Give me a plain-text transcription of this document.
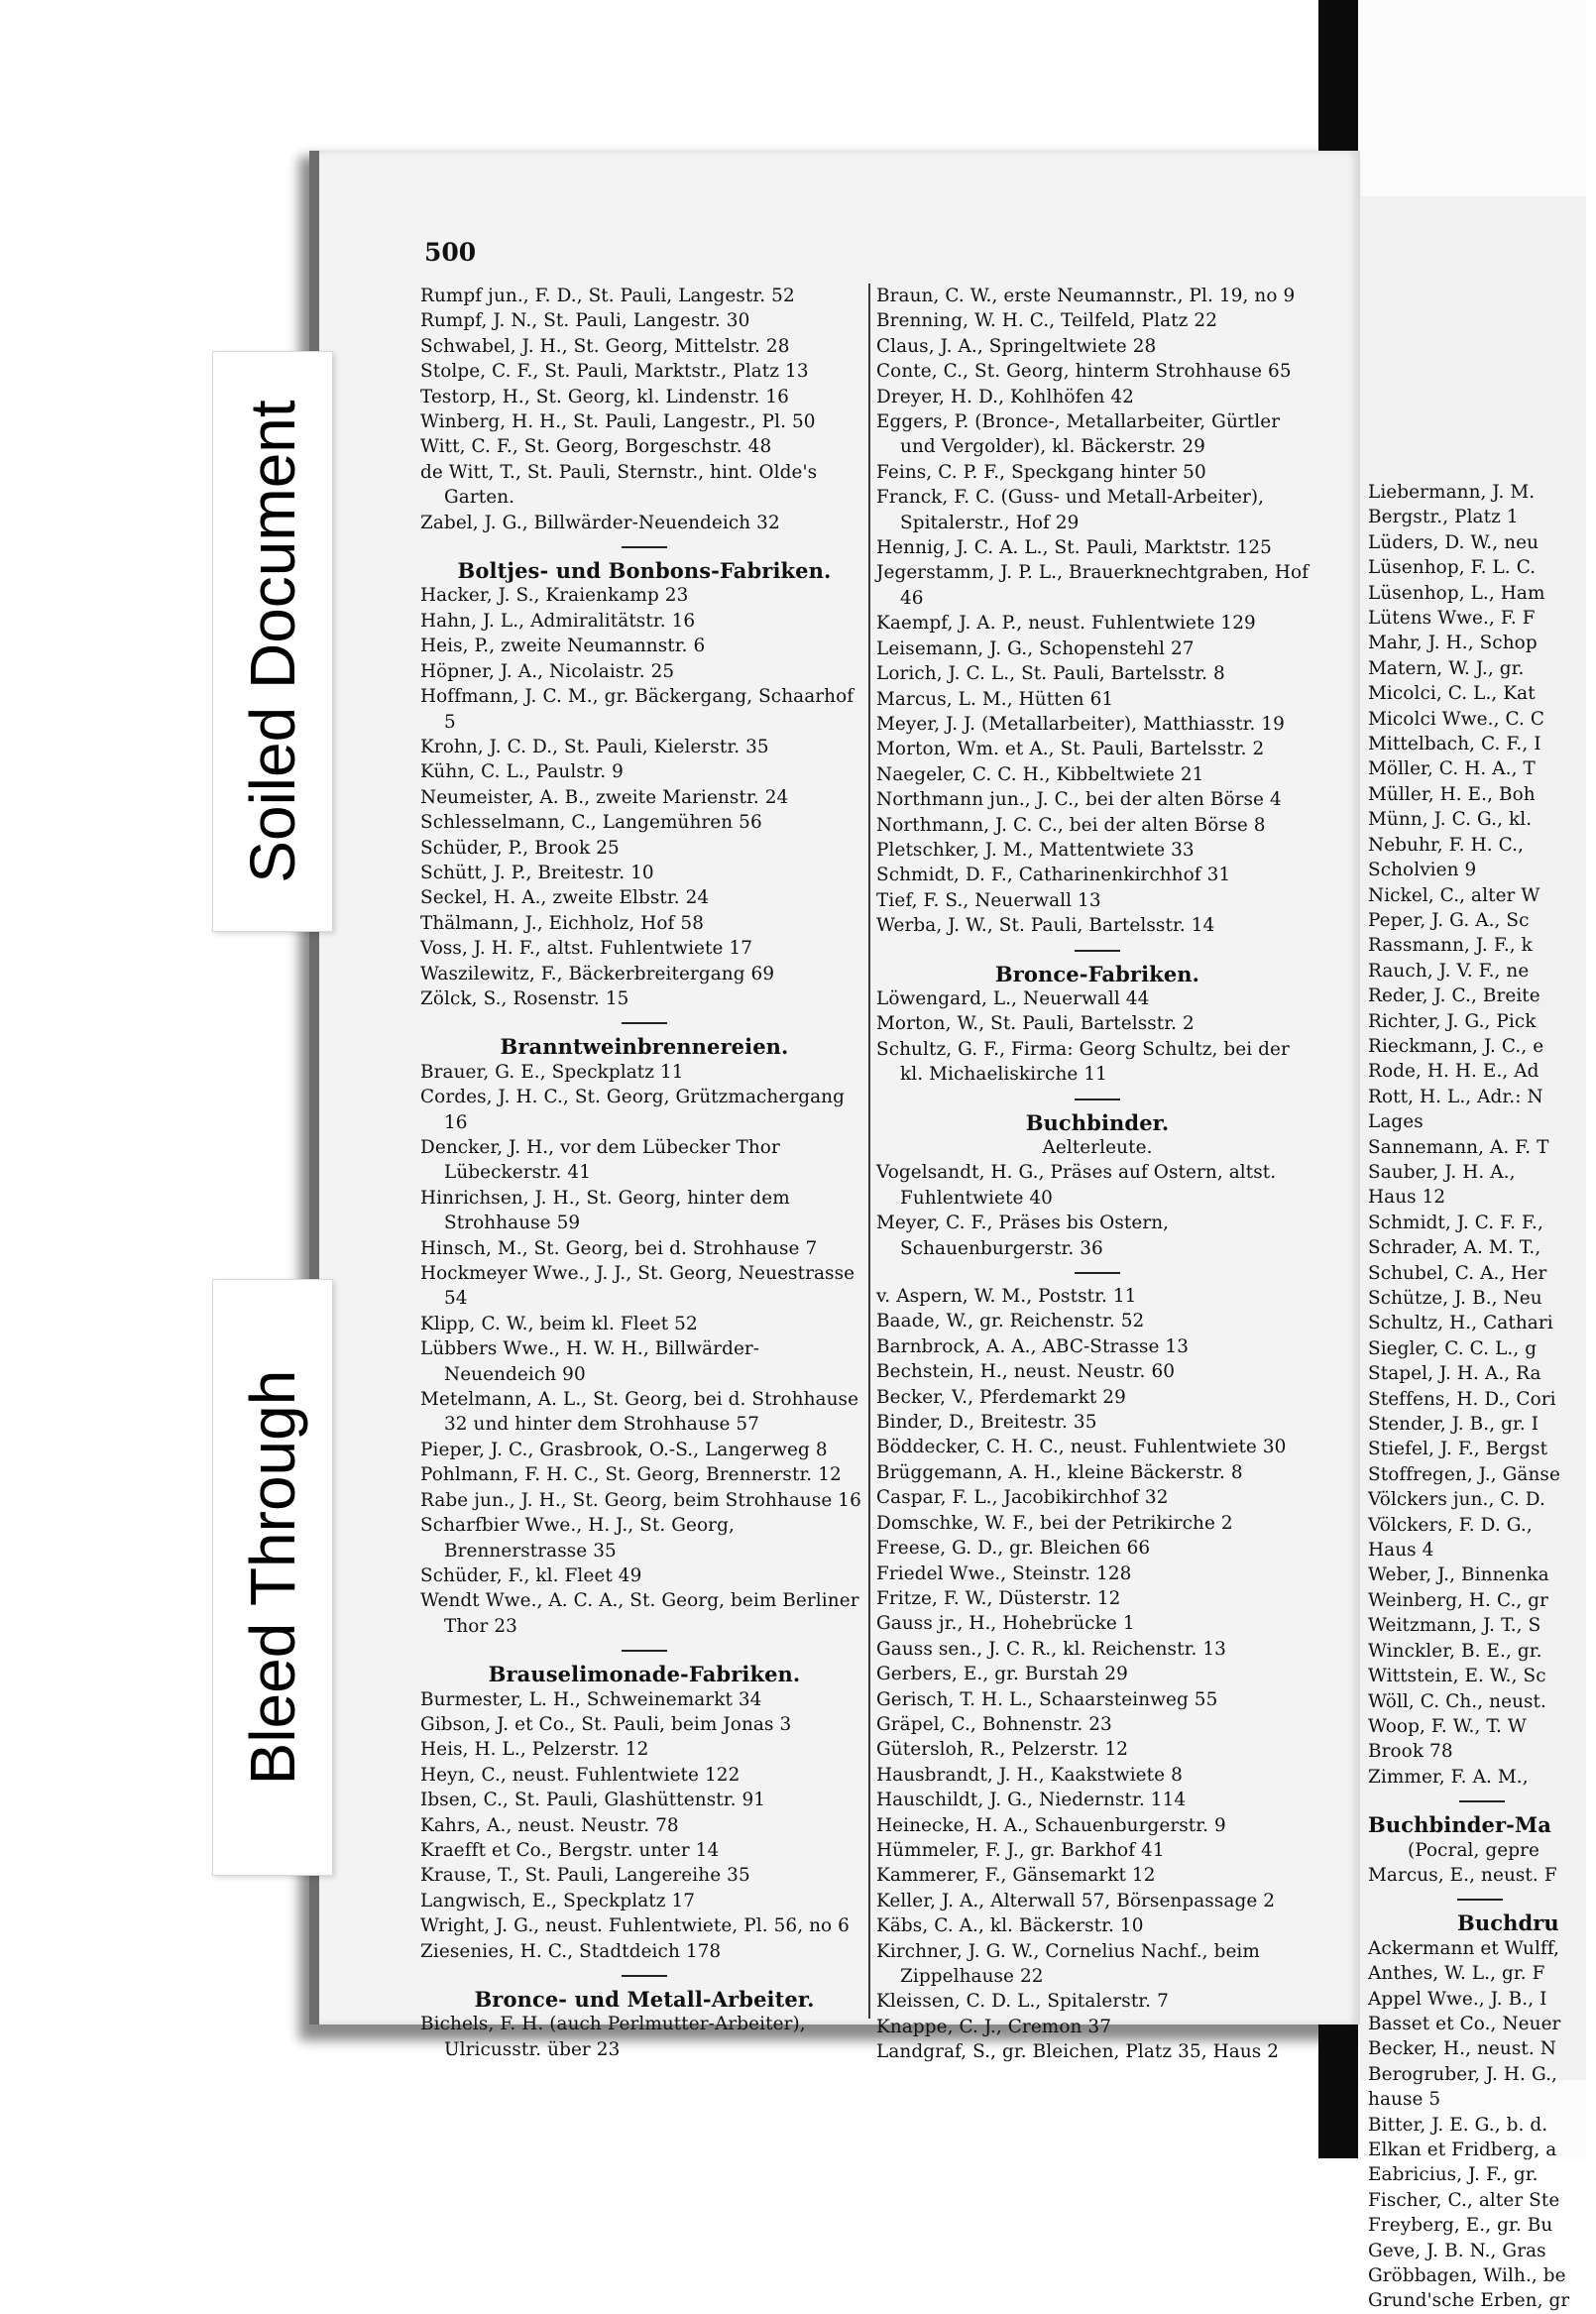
Liebermann, J. M.
Bergstr., Platz 1
Lüders, D. W., neu
Lüsenhop, F. L. C.
Lüsenhop, L., Ham
Lütens Wwe., F. F
Mahr, J. H., Schop
Matern, W. J., gr.
Micolci, C. L., Kat
Micolci Wwe., C. C
Mittelbach, C. F., I
Möller, C. H. A., T
Müller, H. E., Boh
Münn, J. C. G., kl.
Nebuhr, F. H. C.,
Scholvien 9
Nickel, C., alter W
Peper, J. G. A., Sc
Rassmann, J. F., k
Rauch, J. V. F., ne
Reder, J. C., Breite
Richter, J. G., Pick
Rieckmann, J. C., e
Rode, H. H. E., Ad
Rott, H. L., Adr.: N
Lages
Sannemann, A. F. T
Sauber, J. H. A.,
Haus 12
Schmidt, J. C. F. F.,
Schrader, A. M. T.,
Schubel, C. A., Her
Schütze, J. B., Neu
Schultz, H., Cathari
Siegler, C. C. L., g
Stapel, J. H. A., Ra
Steffens, H. D., Cori
Stender, J. B., gr. I
Stiefel, J. F., Bergst
Stoffregen, J., Gänse
Völckers jun., C. D.
Völckers, F. D. G.,
Haus 4
Weber, J., Binnenka
Weinberg, H. C., gr
Weitzmann, J. T., S
Winckler, B. E., gr.
Wittstein, E. W., Sc
Wöll, C. Ch., neust.
Woop, F. W., T. W
Brook 78
Zimmer, F. A. M.,
Buchbinder-Ma
(Pocral, gepre
Marcus, E., neust. F
Buchdru
Ackermann et Wulff,
Anthes, W. L., gr. F
Appel Wwe., J. B., I
Basset et Co., Neuer
Becker, H., neust. N
Berogruber, J. H. G.,
hause 5
Bitter, J. E. G., b. d.
Elkan et Fridberg, a
Eabricius, J. F., gr.
Fischer, C., alter Ste
Freyberg, E., gr. Bu
Geve, J. B. N., Gras
Gröbbagen, Wilh., be
Grund'sche Erben, gr
Soiled Document
Bleed Through
500
Rumpf jun., F. D., St. Pauli, Langestr. 52
Rumpf, J. N., St. Pauli, Langestr. 30
Schwabel, J. H., St. Georg, Mittelstr. 28
Stolpe, C. F., St. Pauli, Marktstr., Platz 13
Testorp, H., St. Georg, kl. Lindenstr. 16
Winberg, H. H., St. Pauli, Langestr., Pl. 50
Witt, C. F., St. Georg, Borgeschstr. 48
de Witt, T., St. Pauli, Sternstr., hint. Olde's Garten.
Zabel, J. G., Billwärder-Neuendeich 32
Boltjes- und Bonbons-Fabriken.
Hacker, J. S., Kraienkamp 23
Hahn, J. L., Admiralitätstr. 16
Heis, P., zweite Neumannstr. 6
Höpner, J. A., Nicolaistr. 25
Hoffmann, J. C. M., gr. Bäckergang, Schaarhof 5
Krohn, J. C. D., St. Pauli, Kielerstr. 35
Kühn, C. L., Paulstr. 9
Neumeister, A. B., zweite Marienstr. 24
Schlesselmann, C., Langemühren 56
Schüder, P., Brook 25
Schütt, J. P., Breitestr. 10
Seckel, H. A., zweite Elbstr. 24
Thälmann, J., Eichholz, Hof 58
Voss, J. H. F., altst. Fuhlentwiete 17
Waszilewitz, F., Bäckerbreitergang 69
Zölck, S., Rosenstr. 15
Branntweinbrennereien.
Brauer, G. E., Speckplatz 11
Cordes, J. H. C., St. Georg, Grützmachergang 16
Dencker, J. H., vor dem Lübecker Thor Lübeckerstr. 41
Hinrichsen, J. H., St. Georg, hinter dem Strohhause 59
Hinsch, M., St. Georg, bei d. Strohhause 7
Hockmeyer Wwe., J. J., St. Georg, Neuestrasse 54
Klipp, C. W., beim kl. Fleet 52
Lübbers Wwe., H. W. H., Billwärder-Neuendeich 90
Metelmann, A. L., St. Georg, bei d. Strohhause 32 und hinter dem Strohhause 57
Pieper, J. C., Grasbrook, O.-S., Langerweg 8
Pohlmann, F. H. C., St. Georg, Brennerstr. 12
Rabe jun., J. H., St. Georg, beim Strohhause 16
Scharfbier Wwe., H. J., St. Georg, Brennerstrasse 35
Schüder, F., kl. Fleet 49
Wendt Wwe., A. C. A., St. Georg, beim Berliner Thor 23
Brauselimonade-Fabriken.
Burmester, L. H., Schweinemarkt 34
Gibson, J. et Co., St. Pauli, beim Jonas 3
Heis, H. L., Pelzerstr. 12
Heyn, C., neust. Fuhlentwiete 122
Ibsen, C., St. Pauli, Glashüttenstr. 91
Kahrs, A., neust. Neustr. 78
Kraefft et Co., Bergstr. unter 14
Krause, T., St. Pauli, Langereihe 35
Langwisch, E., Speckplatz 17
Wright, J. G., neust. Fuhlentwiete, Pl. 56, no 6
Ziesenies, H. C., Stadtdeich 178
Bronce- und Metall-Arbeiter.
Bichels, F. H. (auch Perlmutter-Arbeiter), Ulricusstr. über 23
Braun, C. W., erste Neumannstr., Pl. 19, no 9
Brenning, W. H. C., Teilfeld, Platz 22
Claus, J. A., Springeltwiete 28
Conte, C., St. Georg, hinterm Strohhause 65
Dreyer, H. D., Kohlhöfen 42
Eggers, P. (Bronce-, Metallarbeiter, Gürtler und Vergolder), kl. Bäckerstr. 29
Feins, C. P. F., Speckgang hinter 50
Franck, F. C. (Guss- und Metall-Arbeiter), Spitalerstr., Hof 29
Hennig, J. C. A. L., St. Pauli, Marktstr. 125
Jegerstamm, J. P. L., Brauerknechtgraben, Hof 46
Kaempf, J. A. P., neust. Fuhlentwiete 129
Leisemann, J. G., Schopenstehl 27
Lorich, J. C. L., St. Pauli, Bartelsstr. 8
Marcus, L. M., Hütten 61
Meyer, J. J. (Metallarbeiter), Matthiasstr. 19
Morton, Wm. et A., St. Pauli, Bartelsstr. 2
Naegeler, C. C. H., Kibbeltwiete 21
Northmann jun., J. C., bei der alten Börse 4
Northmann, J. C. C., bei der alten Börse 8
Pletschker, J. M., Mattentwiete 33
Schmidt, D. F., Catharinenkirchhof 31
Tief, F. S., Neuerwall 13
Werba, J. W., St. Pauli, Bartelsstr. 14
Bronce-Fabriken.
Löwengard, L., Neuerwall 44
Morton, W., St. Pauli, Bartelsstr. 2
Schultz, G. F., Firma: Georg Schultz, bei der kl. Michaeliskirche 11
Buchbinder.
Aelterleute.
Vogelsandt, H. G., Präses auf Ostern, altst. Fuhlentwiete 40
Meyer, C. F., Präses bis Ostern, Schauenburgerstr. 36
v. Aspern, W. M., Poststr. 11
Baade, W., gr. Reichenstr. 52
Barnbrock, A. A., ABC-Strasse 13
Bechstein, H., neust. Neustr. 60
Becker, V., Pferdemarkt 29
Binder, D., Breitestr. 35
Böddecker, C. H. C., neust. Fuhlentwiete 30
Brüggemann, A. H., kleine Bäckerstr. 8
Caspar, F. L., Jacobikirchhof 32
Domschke, W. F., bei der Petrikirche 2
Freese, G. D., gr. Bleichen 66
Friedel Wwe., Steinstr. 128
Fritze, F. W., Düsterstr. 12
Gauss jr., H., Hohebrücke 1
Gauss sen., J. C. R., kl. Reichenstr. 13
Gerbers, E., gr. Burstah 29
Gerisch, T. H. L., Schaarsteinweg 55
Gräpel, C., Bohnenstr. 23
Gütersloh, R., Pelzerstr. 12
Hausbrandt, J. H., Kaakstwiete 8
Hauschildt, J. G., Niedernstr. 114
Heinecke, H. A., Schauenburgerstr. 9
Hümmeler, F. J., gr. Barkhof 41
Kammerer, F., Gänsemarkt 12
Keller, J. A., Alterwall 57, Börsenpassage 2
Käbs, C. A., kl. Bäckerstr. 10
Kirchner, J. G. W., Cornelius Nachf., beim Zippelhause 22
Kleissen, C. D. L., Spitalerstr. 7
Knappe, C. J., Cremon 37
Landgraf, S., gr. Bleichen, Platz 35, Haus 2
